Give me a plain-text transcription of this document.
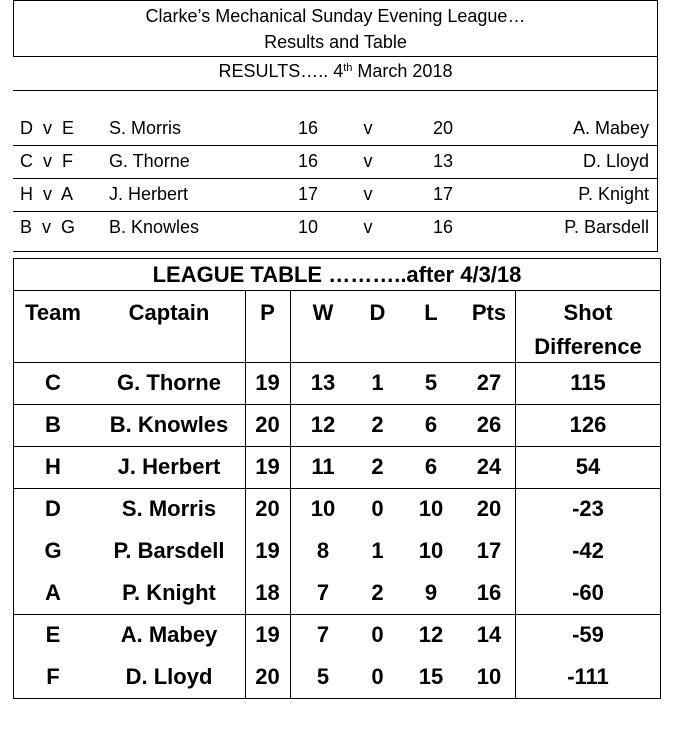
Clarke’s Mechanical Sunday Evening League…
Results and Table
RESULTS….. 4th March 2018
D  v  E S. Morris	16	v	20	A. Mabey
C  v  F G. Thorne	16	v	13	D. Lloyd
H  v  A J. Herbert	17	v	17	P. Knight
B  v  G B. Knowles	10	v	16	P. Barsdell
LEAGUE TABLE ………..after 4/3/18
Team	Captain	P	W	D	L	Pts	Shot
Difference
C	G. Thorne	19	13	1	5	27	115
B	B. Knowles	20	12	2	6	26	126
H	J. Herbert	19	11	2	6	24	54
D	S. Morris	20	10	0	10	20	-23
G	P. Barsdell	19	8	1	10	17	-42
A	P. Knight	18	7	2	9	16	-60
E	A. Mabey	19	7	0	12	14	-59
F	D. Lloyd	20	5	0	15	10	-111
